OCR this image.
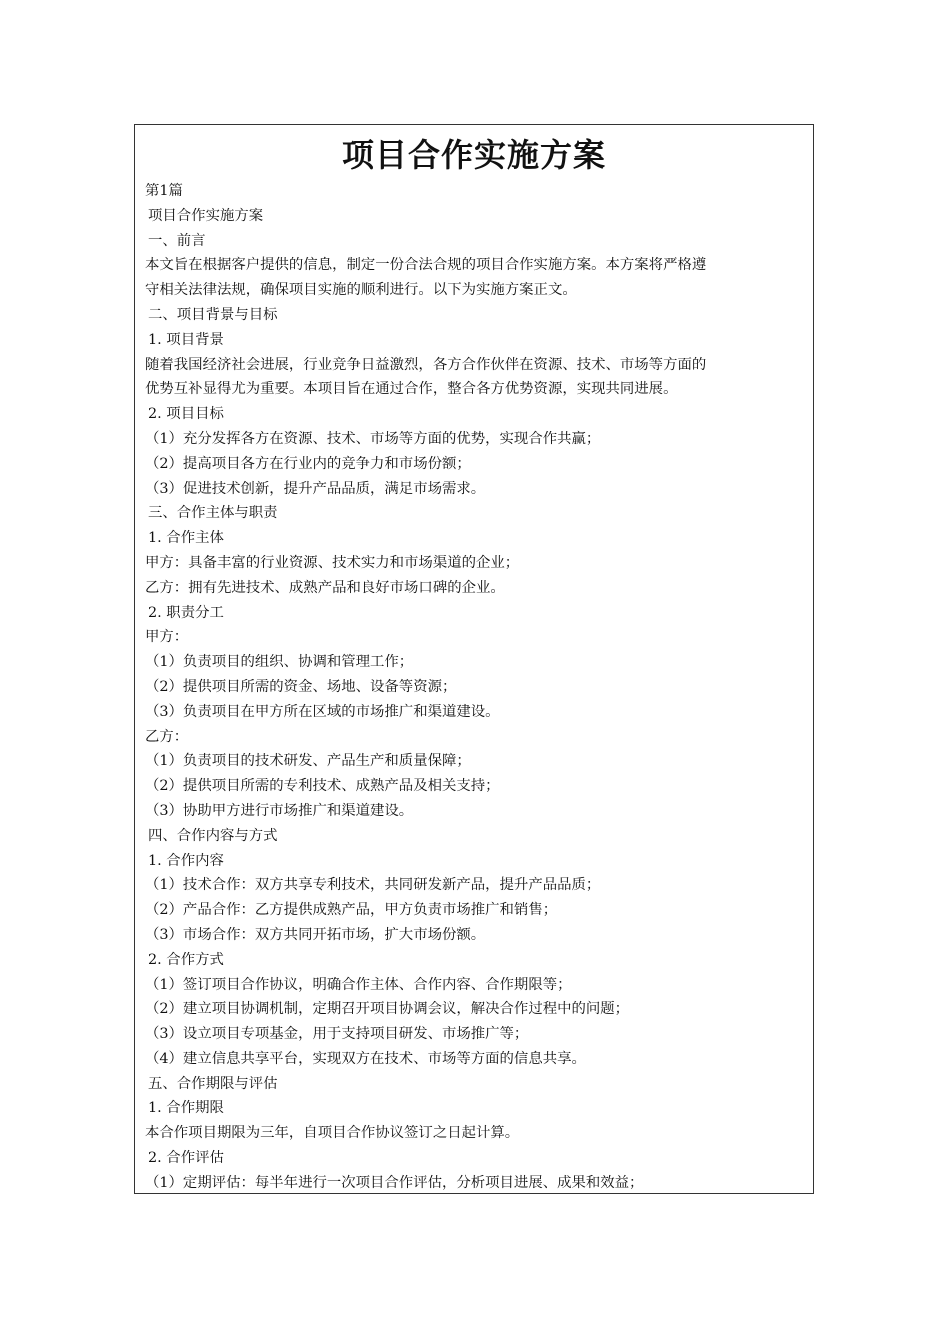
项目合作实施方案
第1篇
项目合作实施方案
一、前言
本文旨在根据客户提供的信息，制定一份合法合规的项目合作实施方案。本方案将严格遵
守相关法律法规，确保项目实施的顺利进行。以下为实施方案正文。
二、项目背景与目标
1. 项目背景
随着我国经济社会进展，行业竞争日益激烈，各方合作伙伴在资源、技术、市场等方面的
优势互补显得尤为重要。本项目旨在通过合作，整合各方优势资源，实现共同进展。
2. 项目目标
（1）充分发挥各方在资源、技术、市场等方面的优势，实现合作共赢；
（2）提高项目各方在行业内的竞争力和市场份额；
（3）促进技术创新，提升产品品质，满足市场需求。
三、合作主体与职责
1. 合作主体
甲方：具备丰富的行业资源、技术实力和市场渠道的企业；
乙方：拥有先进技术、成熟产品和良好市场口碑的企业。
2. 职责分工
甲方：
（1）负责项目的组织、协调和管理工作；
（2）提供项目所需的资金、场地、设备等资源；
（3）负责项目在甲方所在区域的市场推广和渠道建设。
乙方：
（1）负责项目的技术研发、产品生产和质量保障；
（2）提供项目所需的专利技术、成熟产品及相关支持；
（3）协助甲方进行市场推广和渠道建设。
四、合作内容与方式
1. 合作内容
（1）技术合作：双方共享专利技术，共同研发新产品，提升产品品质；
（2）产品合作：乙方提供成熟产品，甲方负责市场推广和销售；
（3）市场合作：双方共同开拓市场，扩大市场份额。
2. 合作方式
（1）签订项目合作协议，明确合作主体、合作内容、合作期限等；
（2）建立项目协调机制，定期召开项目协调会议，解决合作过程中的问题；
（3）设立项目专项基金，用于支持项目研发、市场推广等；
（4）建立信息共享平台，实现双方在技术、市场等方面的信息共享。
五、合作期限与评估
1. 合作期限
本合作项目期限为三年，自项目合作协议签订之日起计算。
2. 合作评估
（1）定期评估：每半年进行一次项目合作评估，分析项目进展、成果和效益；
